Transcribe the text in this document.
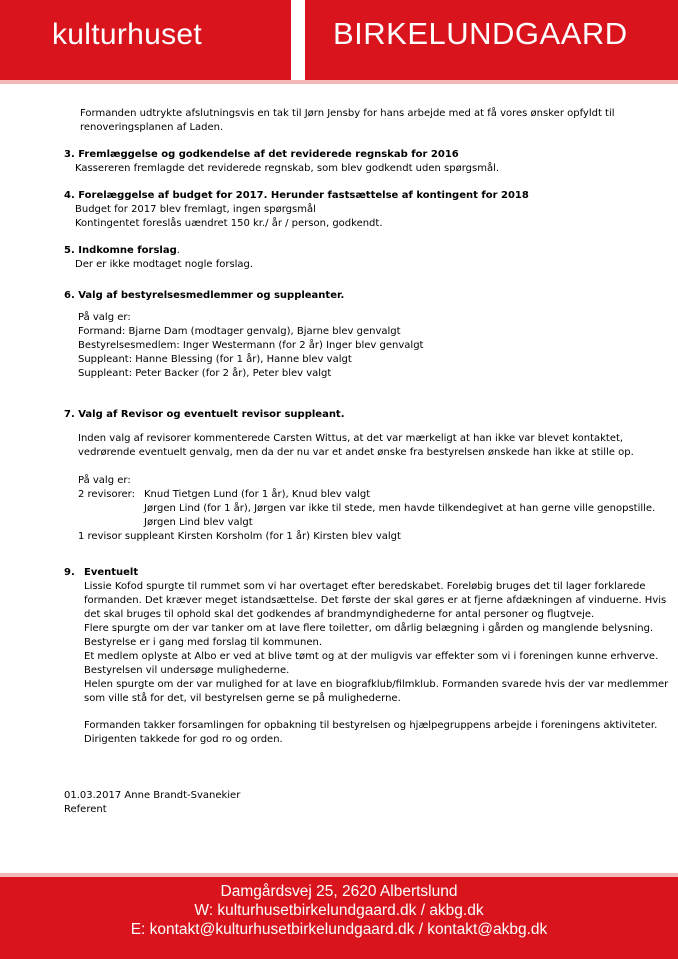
kulturhuset	BIRKELUNDGAARD
Formanden udtrykte afslutningsvis en tak til Jørn Jensby for hans arbejde med at få vores ønsker opfyldt til
renoveringsplanen af Laden.
3. Fremlæggelse og godkendelse af det reviderede regnskab for 2016
Kassereren fremlagde det reviderede regnskab, som blev godkendt uden spørgsmål.
4. Forelæggelse af budget for 2017. Herunder fastsættelse af kontingent for 2018
Budget for 2017 blev fremlagt, ingen spørgsmål
Kontingentet foreslås uændret 150 kr./ år / person, godkendt.
5. Indkomne forslag.
Der er ikke modtaget nogle forslag.
6. Valg af bestyrelsesmedlemmer og suppleanter.
På valg er:
Formand: Bjarne Dam (modtager genvalg), Bjarne blev genvalgt
Bestyrelsesmedlem: Inger Westermann (for 2 år) Inger blev genvalgt
Suppleant: Hanne Blessing (for 1 år), Hanne blev valgt
Suppleant: Peter Backer (for 2 år), Peter blev valgt
7. Valg af Revisor og eventuelt revisor suppleant.
Inden valg af revisorer kommenterede Carsten Wittus, at det var mærkeligt at han ikke var blevet kontaktet,
vedrørende eventuelt genvalg, men da der nu var et andet ønske fra bestyrelsen ønskede han ikke at stille op.
På valg er:
2 revisorer: Knud Tietgen Lund (for 1 år), Knud blev valgt
Jørgen Lind (for 1 år), Jørgen var ikke til stede, men havde tilkendegivet at han gerne ville genopstille.
Jørgen Lind blev valgt
1 revisor suppleant Kirsten Korsholm (for 1 år) Kirsten blev valgt
9. Eventuelt
Lissie Kofod spurgte til rummet som vi har overtaget efter beredskabet. Foreløbig bruges det til lager forklarede
formanden. Det kræver meget istandsættelse. Det første der skal gøres er at fjerne afdækningen af vinduerne. Hvis
det skal bruges til ophold skal det godkendes af brandmyndighederne for antal personer og flugtveje.
Flere spurgte om der var tanker om at lave flere toiletter, om dårlig belægning i gården og manglende belysning.
Bestyrelse er i gang med forslag til kommunen.
Et medlem oplyste at Albo er ved at blive tømt og at der muligvis var effekter som vi i foreningen kunne erhverve.
Bestyrelsen vil undersøge mulighederne.
Helen spurgte om der var mulighed for at lave en biografklub/filmklub. Formanden svarede hvis der var medlemmer
som ville stå for det, vil bestyrelsen gerne se på mulighederne.
Formanden takker forsamlingen for opbakning til bestyrelsen og hjælpegruppens arbejde i foreningens aktiviteter.
Dirigenten takkede for god ro og orden.
01.03.2017 Anne Brandt-Svanekier
Referent
Damgårdsvej 25, 2620 Albertslund
W: kulturhusetbirkelundgaard.dk / akbg.dk
E: kontakt@kulturhusetbirkelundgaard.dk / kontakt@akbg.dk
